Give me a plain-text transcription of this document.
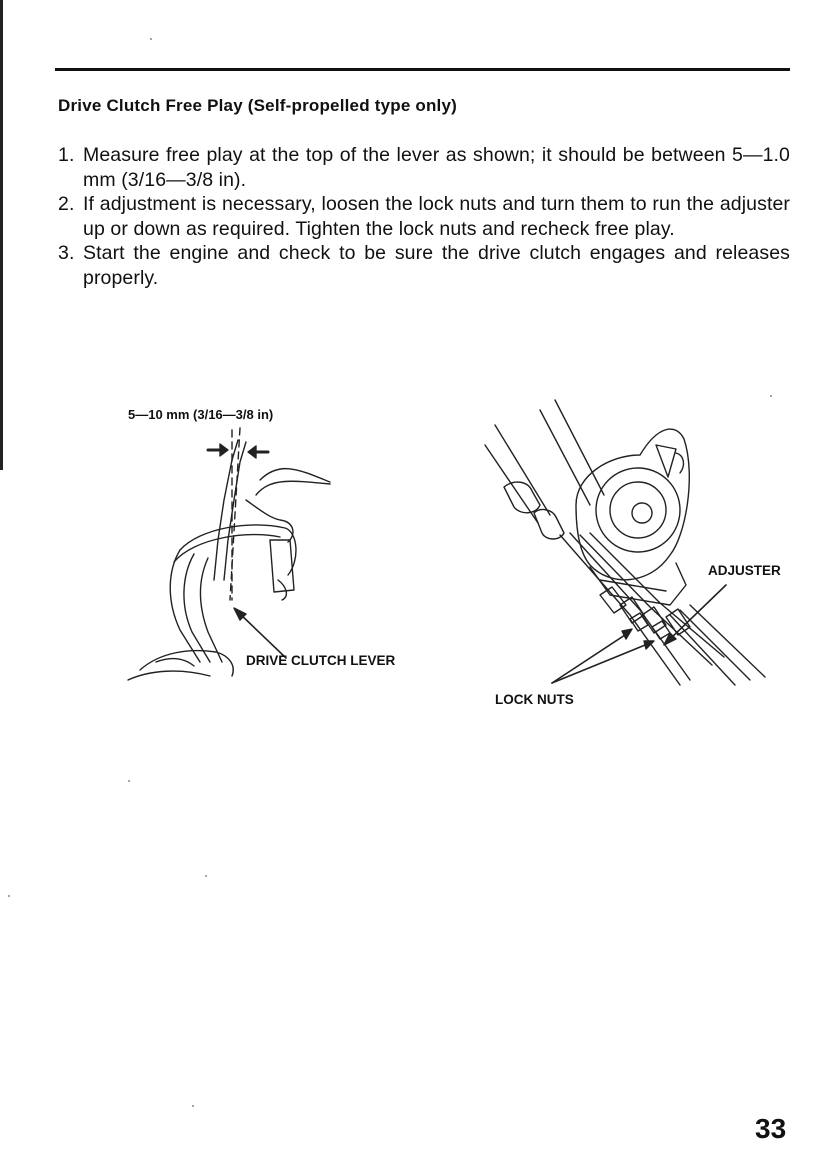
Drive Clutch Free Play (Self-propelled type only)
1. Measure free play at the top of the lever as shown; it should be between 5—1.0 mm (3/16—3/8 in).
2. If adjustment is necessary, loosen the lock nuts and turn them to run the adjuster up or down as required. Tighten the lock nuts and recheck free play.
3. Start the engine and check to be sure the drive clutch engages and releases properly.
5—10 mm (3/16—3/8 in)
DRIVE CLUTCH LEVER
ADJUSTER
LOCK NUTS
33
